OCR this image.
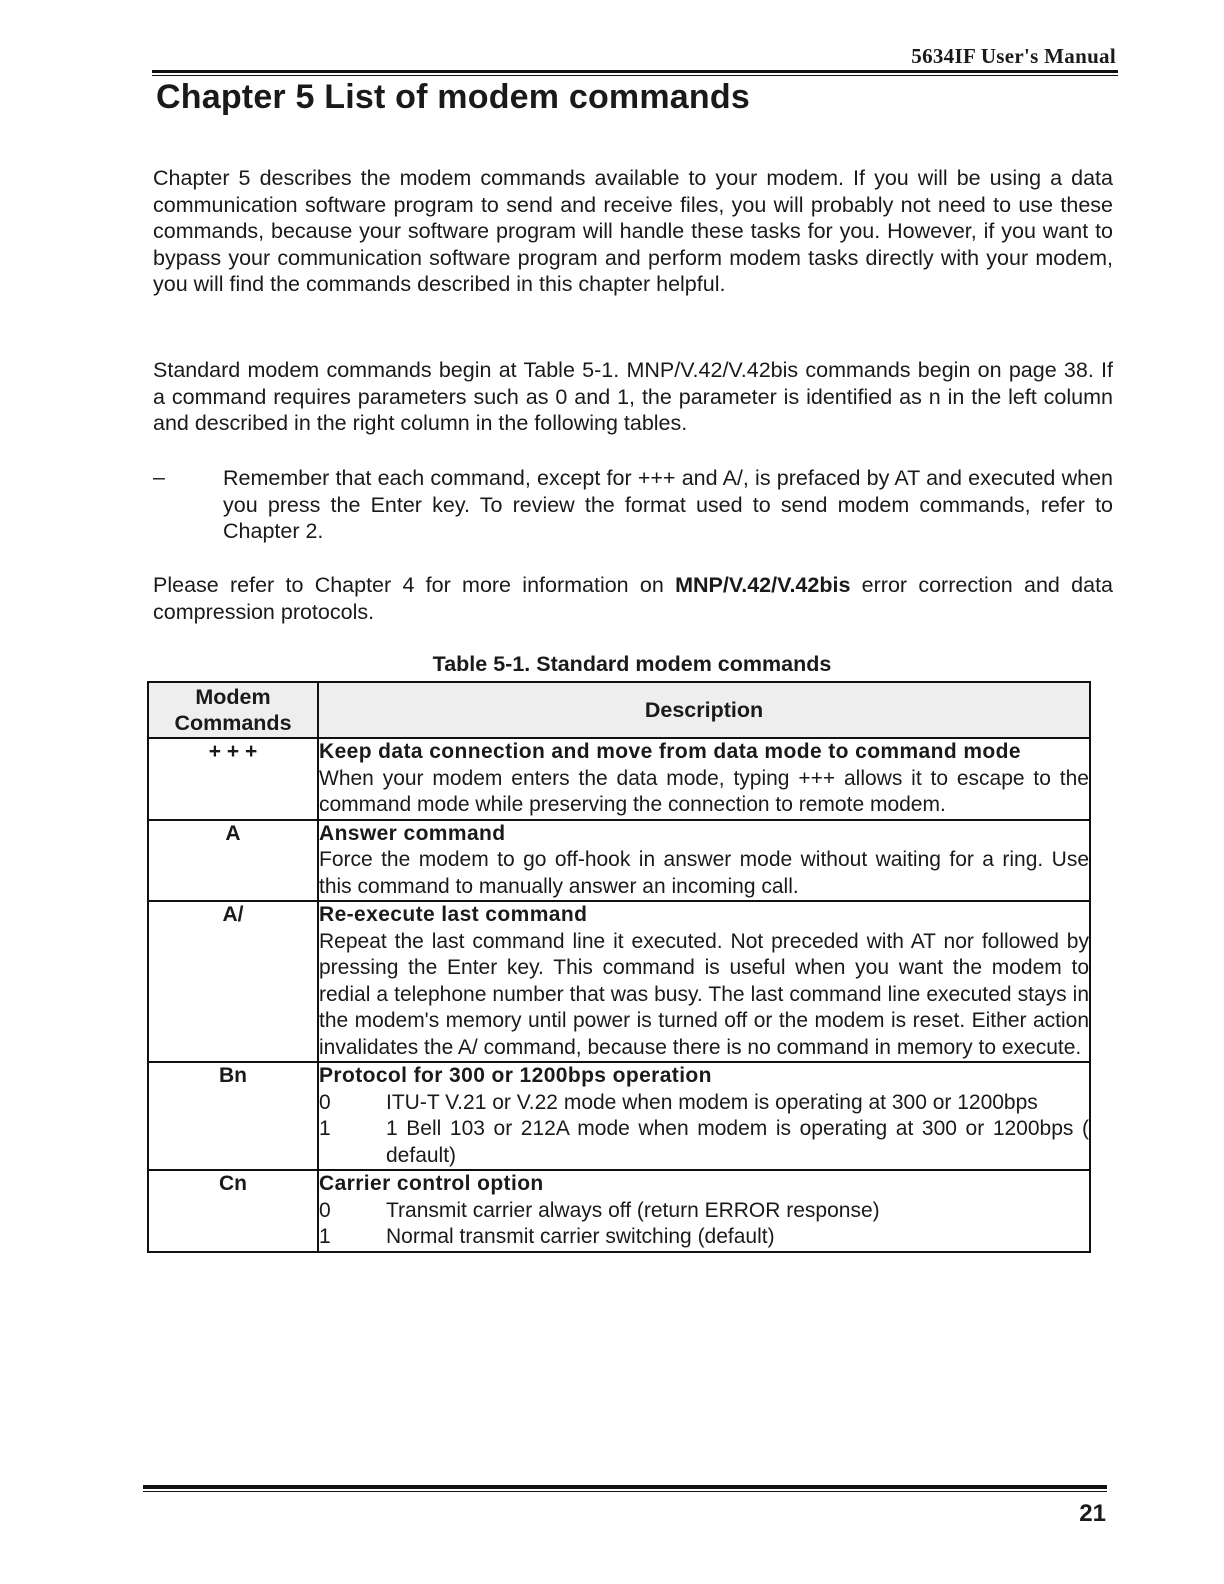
5634IF User's Manual
Chapter 5 List of modem commands

Chapter 5 describes the modem commands available to your modem. If you will be using a data communication software program to send and receive files, you will probably not need to use these commands, because your software program will handle these tasks for you. However, if you want to bypass your communication software program and perform modem tasks directly with your modem, you will find the commands described in this chapter helpful.

Standard modem commands begin at Table 5-1. MNP/V.42/V.42bis commands begin on page 38. If a command requires parameters such as 0 and 1, the parameter is identified as n in the left column and described in the right column in the following tables.

–	Remember that each command, except for +++ and A/, is prefaced by AT and executed when you press the Enter key. To review the format used to send modem commands, refer to Chapter 2.

Please refer to Chapter 4 for more information on MNP/V.42/V.42bis error correction and data compression protocols.

Table 5-1. Standard modem commands

Modem Commands	Description
+ + +	Keep data connection and move from data mode to command mode
When your modem enters the data mode, typing +++ allows it to escape to the command mode while preserving the connection to remote modem.

A	Answer command
Force the modem to go off-hook in answer mode without waiting for a ring. Use this command to manually answer an incoming call.

A/	Re-execute last command
Repeat the last command line it executed. Not preceded with AT nor followed by pressing the Enter key. This command is useful when you want the modem to redial a telephone number that was busy. The last command line executed stays in the modem's memory until power is turned off or the modem is reset. Either action invalidates the A/ command, because there is no command in memory to execute.

Bn	Protocol for 300 or 1200bps operation
0 ITU-T V.21 or V.22 mode when modem is operating at 300 or 1200bps
1 1 Bell 103 or 212A mode when modem is operating at 300 or 1200bps ( default)

Cn	Carrier control option
0 Transmit carrier always off (return ERROR response)
1 Normal transmit carrier switching (default)
21
